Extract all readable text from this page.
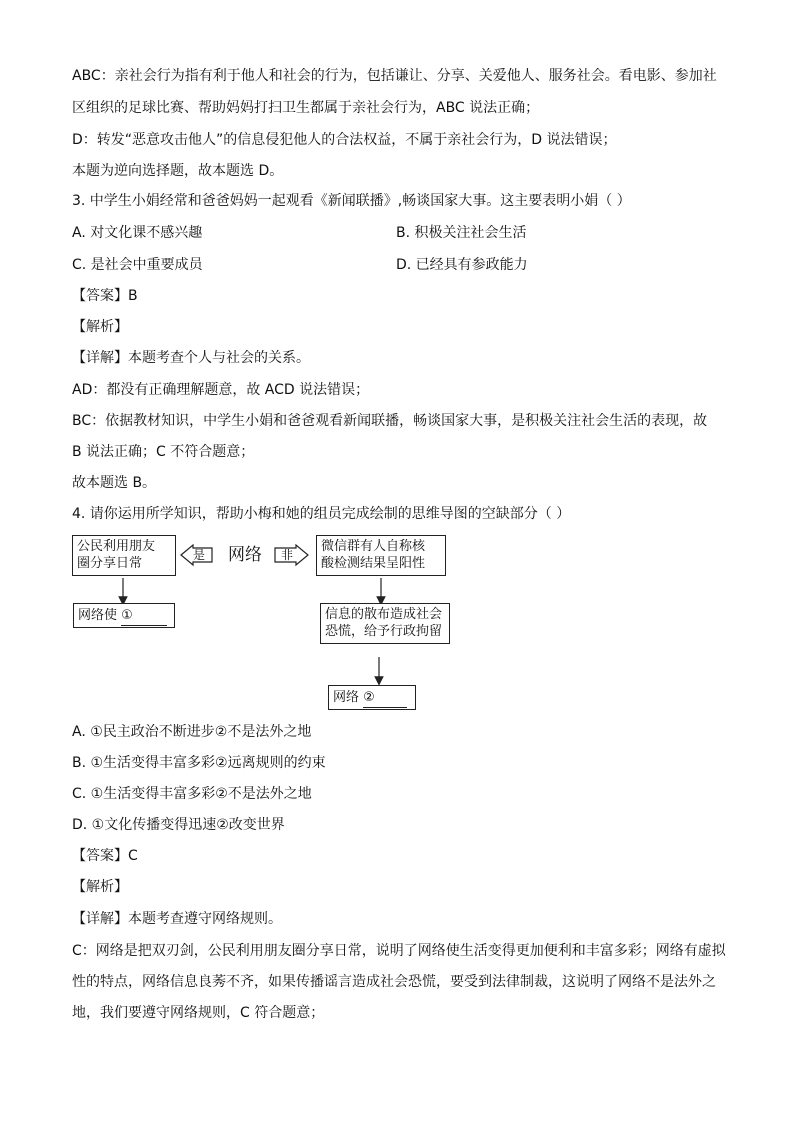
ABC：亲社会行为指有利于他人和社会的行为，包括谦让、分享、关爱他人、服务社会。看电影、参加社
区组织的足球比赛、帮助妈妈打扫卫生都属于亲社会行为，ABC 说法正确；
D：转发“恶意攻击他人”的信息侵犯他人的合法权益，不属于亲社会行为，D 说法错误；
本题为逆向选择题，故本题选 D。
3. 中学生小娟经常和爸爸妈妈一起观看《新闻联播》,畅谈国家大事。这主要表明小娟（ ）
A. 对文化课不感兴趣	B. 积极关注社会生活
C. 是社会中重要成员	D. 已经具有参政能力
【答案】B
【解析】
【详解】本题考查个人与社会的关系。
AD：都没有正确理解题意，故 ACD 说法错误；
BC：依据教材知识，中学生小娟和爸爸观看新闻联播，畅谈国家大事，是积极关注社会生活的表现，故
B 说法正确；C 不符合题意；
故本题选 B。
4. 请你运用所学知识，帮助小梅和她的组员完成绘制的思维导图的空缺部分（ ）
公民利用朋友
圈分享日常
是 网络 非
微信群有人自称核
酸检测结果呈阳性
网络使 ①	信息的散布造成社会
恐慌，给予行政拘留
网络 ②
A. ①民主政治不断进步②不是法外之地
B. ①生活变得丰富多彩②远离规则的约束
C. ①生活变得丰富多彩②不是法外之地
D. ①文化传播变得迅速②改变世界
【答案】C
【解析】
【详解】本题考查遵守网络规则。
C：网络是把双刃剑，公民利用朋友圈分享日常，说明了网络使生活变得更加便利和丰富多彩；网络有虚拟
性的特点，网络信息良莠不齐，如果传播谣言造成社会恐慌，要受到法律制裁，这说明了网络不是法外之
地，我们要遵守网络规则，C 符合题意；
